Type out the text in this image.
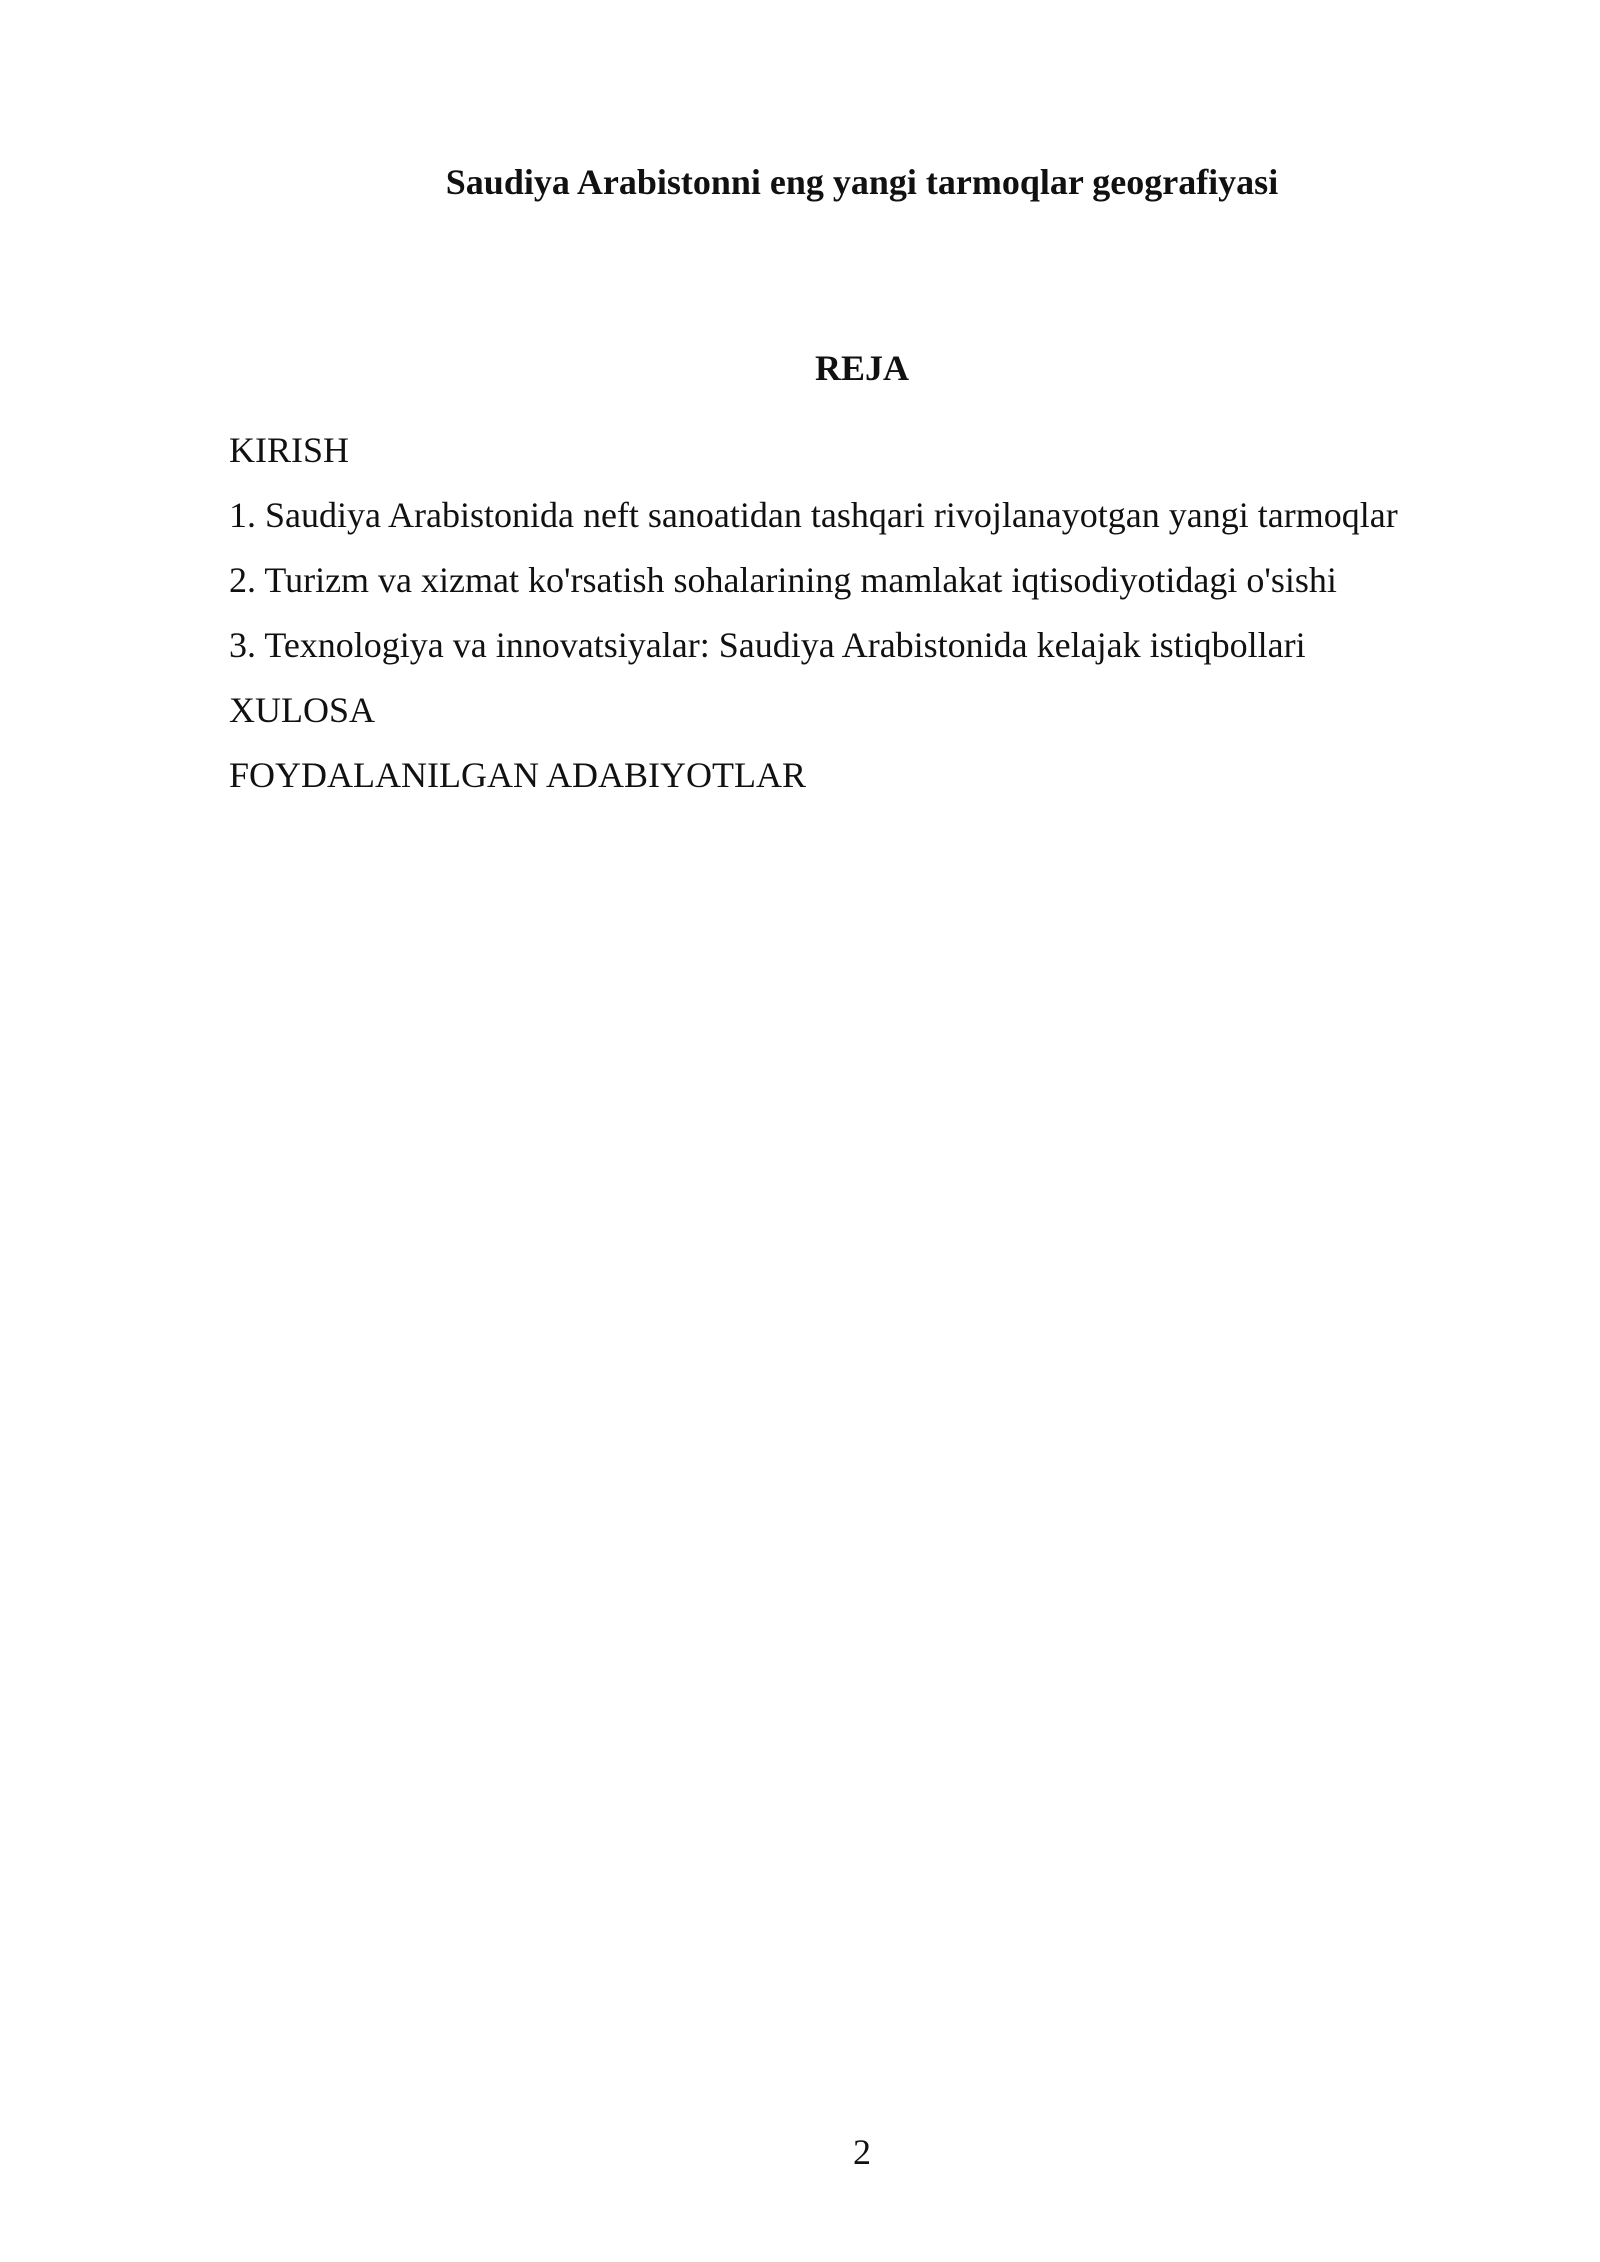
Saudiya Arabistonni eng yangi tarmoqlar geografiyasi
REJA
KIRISH
1. Saudiya Arabistonida neft sanoatidan tashqari rivojlanayotgan yangi tarmoqlar
2. Turizm va xizmat ko'rsatish sohalarining mamlakat iqtisodiyotidagi o'sishi
3. Texnologiya va innovatsiyalar: Saudiya Arabistonida kelajak istiqbollari
XULOSA
FOYDALANILGAN ADABIYOTLAR
2
